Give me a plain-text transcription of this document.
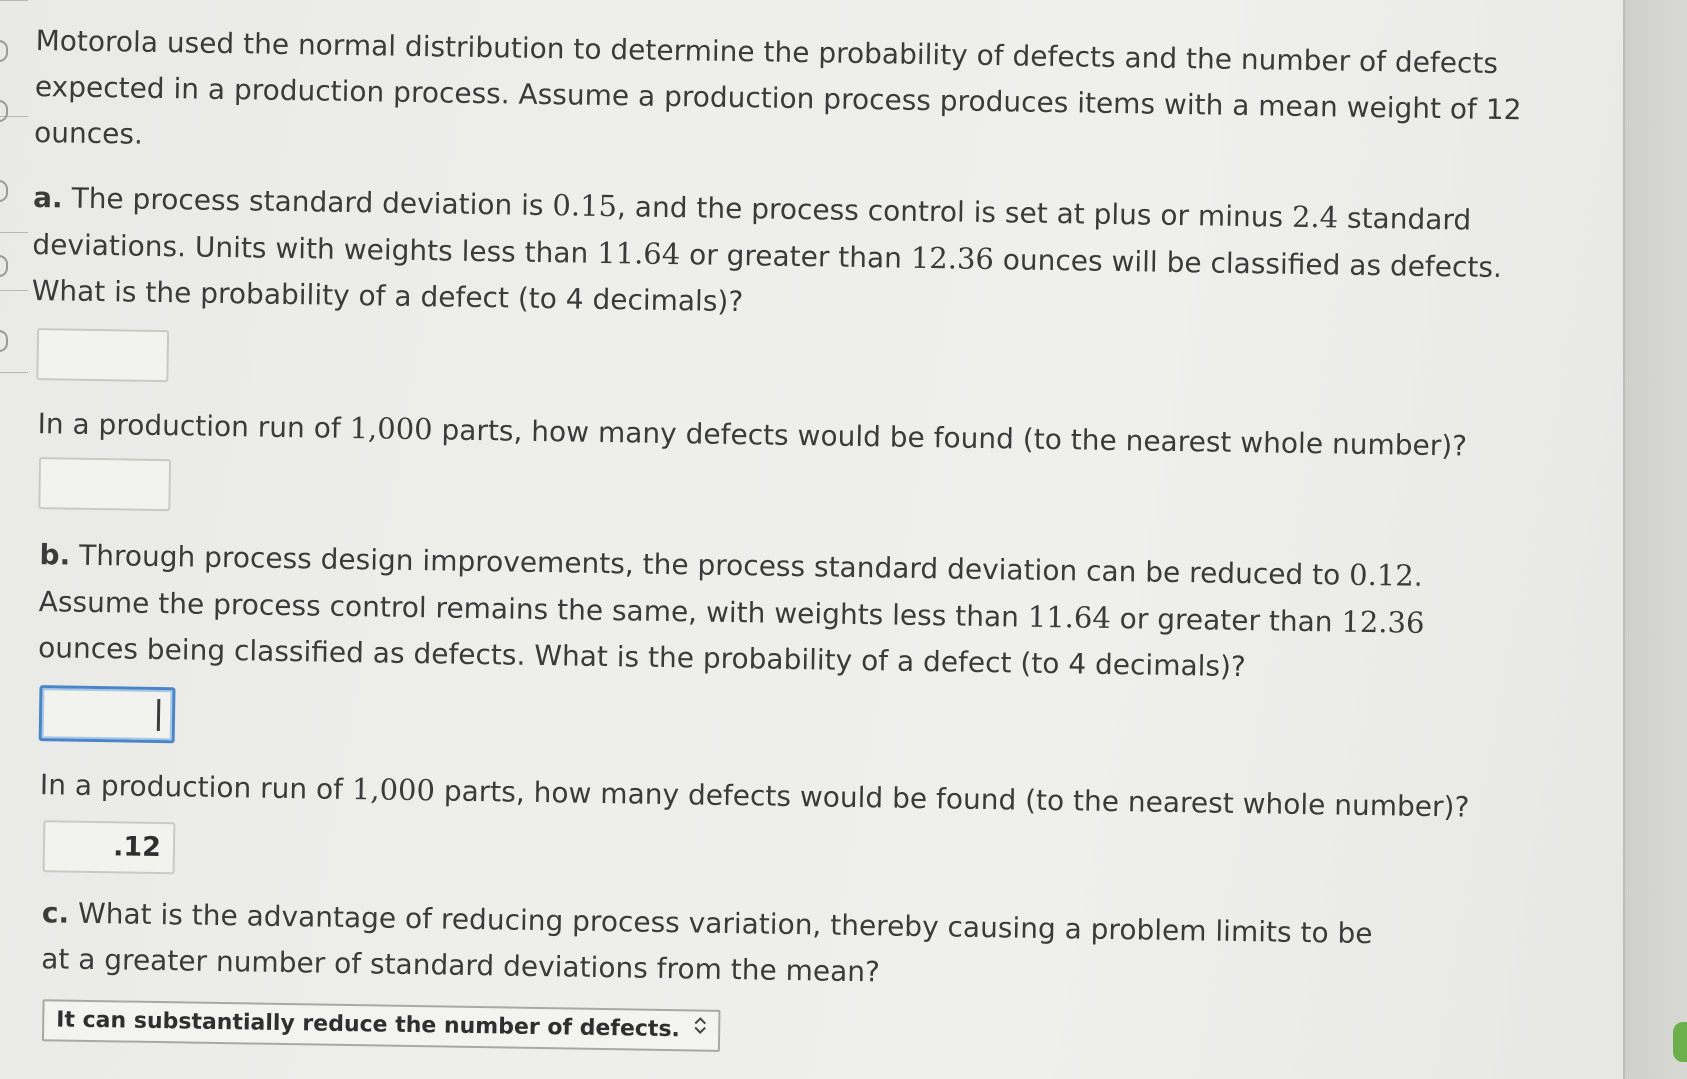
Motorola used the normal distribution to determine the probability of defects and the number of defects expected in a production process. Assume a production process produces items with a mean weight of 12 ounces.

a. The process standard deviation is 0.15, and the process control is set at plus or minus 2.4 standard deviations. Units with weights less than 11.64 or greater than 12.36 ounces will be classified as defects. What is the probability of a defect (to 4 decimals)?

In a production run of 1,000 parts, how many defects would be found (to the nearest whole number)?

b. Through process design improvements, the process standard deviation can be reduced to 0.12. Assume the process control remains the same, with weights less than 11.64 or greater than 12.36 ounces being classified as defects. What is the probability of a defect (to 4 decimals)?

In a production run of 1,000 parts, how many defects would be found (to the nearest whole number)?

.12

c. What is the advantage of reducing process variation, thereby causing a problem limits to be at a greater number of standard deviations from the mean?

It can substantially reduce the number of defects.
